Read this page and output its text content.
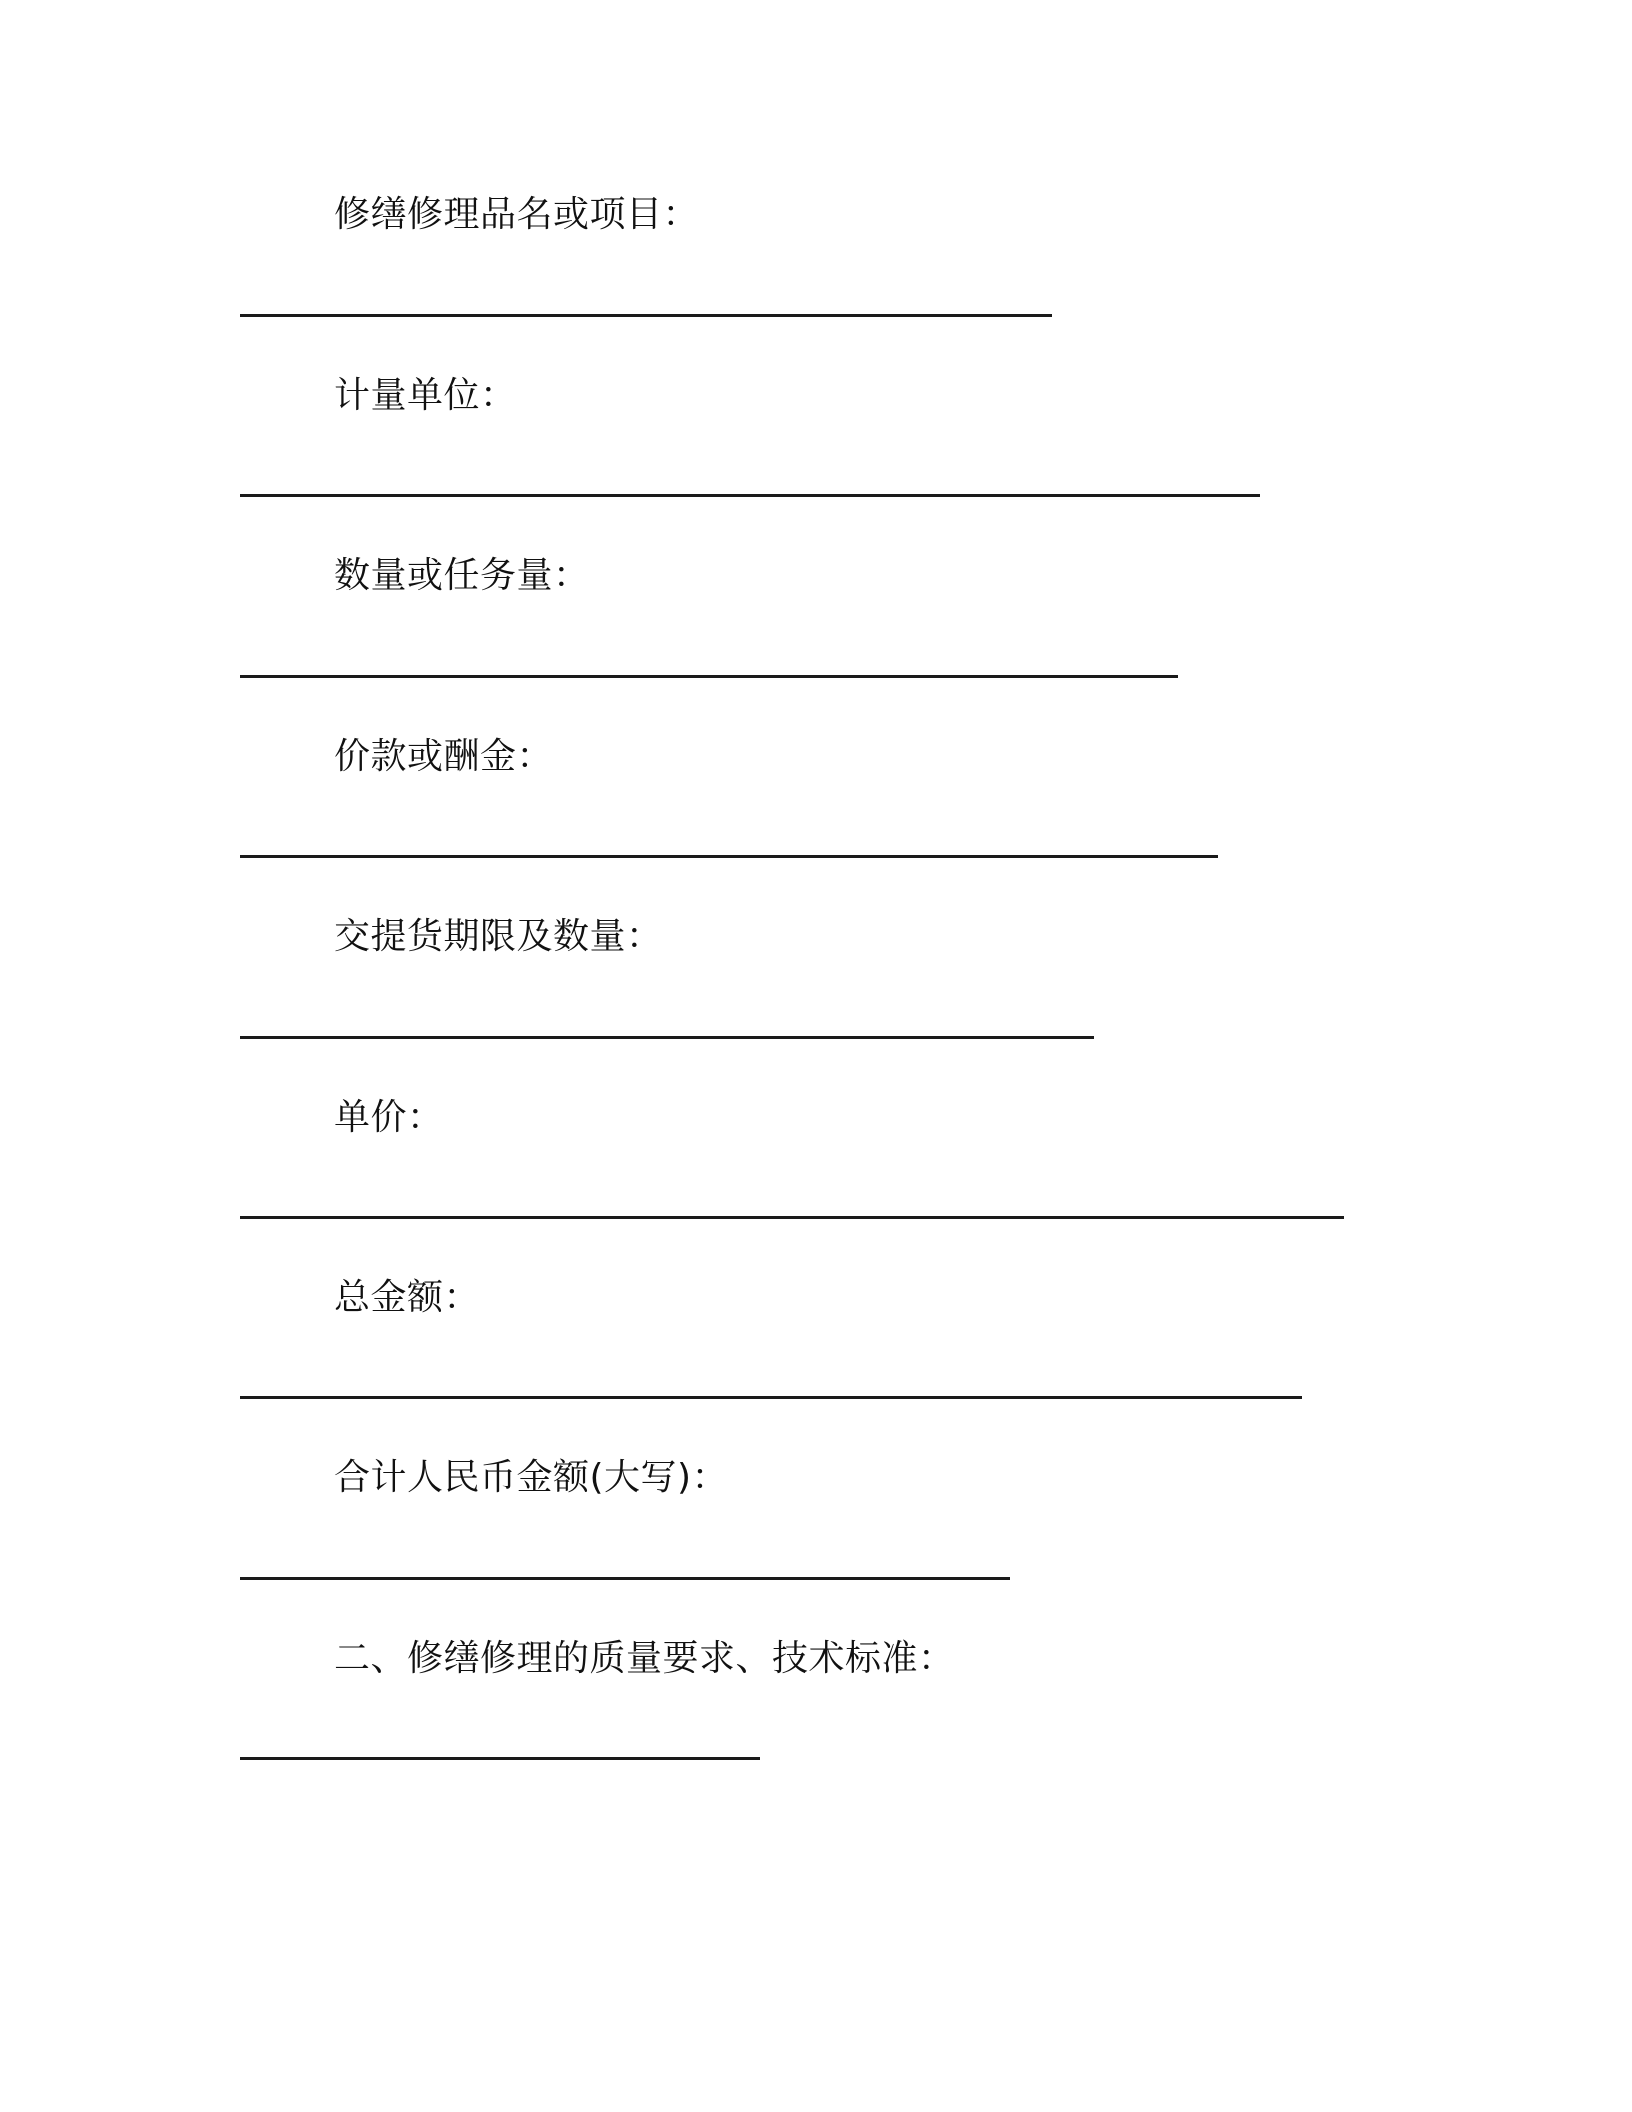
修缮修理品名或项目：
计量单位：
数量或任务量：
价款或酬金：
交提货期限及数量：
单价：
总金额：
合计人民币金额(大写)：
二、修缮修理的质量要求、技术标准：
